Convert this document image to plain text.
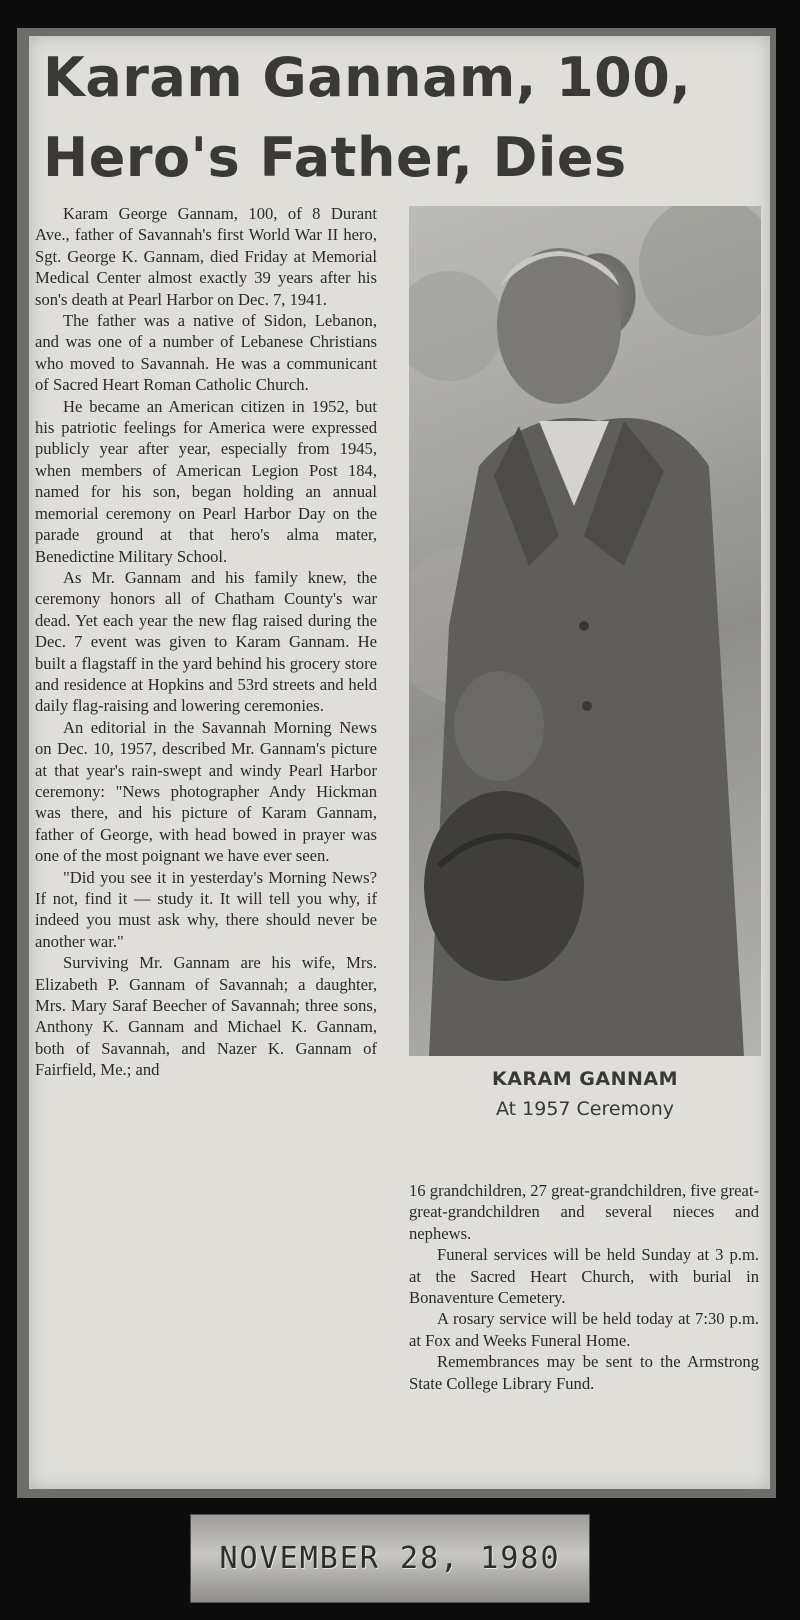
Karam Gannam, 100,
Hero's Father, Dies

Karam George Gannam, 100, of 8 Durant Ave., father of Savannah's first World War II hero, Sgt. George K. Gannam, died Friday at Memorial Medical Center almost exactly 39 years after his son's death at Pearl Harbor on Dec. 7, 1941.

The father was a native of Sidon, Lebanon, and was one of a number of Lebanese Christians who moved to Savannah. He was a communicant of Sacred Heart Roman Catholic Church.

He became an American citizen in 1952, but his patriotic feelings for America were expressed publicly year after year, especially from 1945, when members of American Legion Post 184, named for his son, began holding an annual memorial ceremony on Pearl Harbor Day on the parade ground at that hero's alma mater, Benedictine Military School.

As Mr. Gannam and his family knew, the ceremony honors all of Chatham County's war dead. Yet each year the new flag raised during the Dec. 7 event was given to Karam Gannam. He built a flagstaff in the yard behind his grocery store and residence at Hopkins and 53rd streets and held daily flag-raising and lowering ceremonies.

An editorial in the Savannah Morning News on Dec. 10, 1957, described Mr. Gannam's picture at that year's rain-swept and windy Pearl Harbor ceremony: "News photographer Andy Hickman was there, and his picture of Karam Gannam, father of George, with head bowed in prayer was one of the most poignant we have ever seen.

"Did you see it in yesterday's Morning News? If not, find it — study it. It will tell you why, if indeed you must ask why, there should never be another war."

Surviving Mr. Gannam are his wife, Mrs. Elizabeth P. Gannam of Savannah; a daughter, Mrs. Mary Saraf Beecher of Savannah; three sons, Anthony K. Gannam and Michael K. Gannam, both of Savannah, and Nazer K. Gannam of Fairfield, Me.; and	KARAM GANNAM
At 1957 Ceremony

16 grandchildren, 27 great-grandchildren, five great-great-grandchildren and several nieces and nephews.

Funeral services will be held Sunday at 3 p.m. at the Sacred Heart Church, with burial in Bonaventure Cemetery.

A rosary service will be held today at 7:30 p.m. at Fox and Weeks Funeral Home.

Remembrances may be sent to the Armstrong State College Library Fund.

NOVEMBER 28, 1980
